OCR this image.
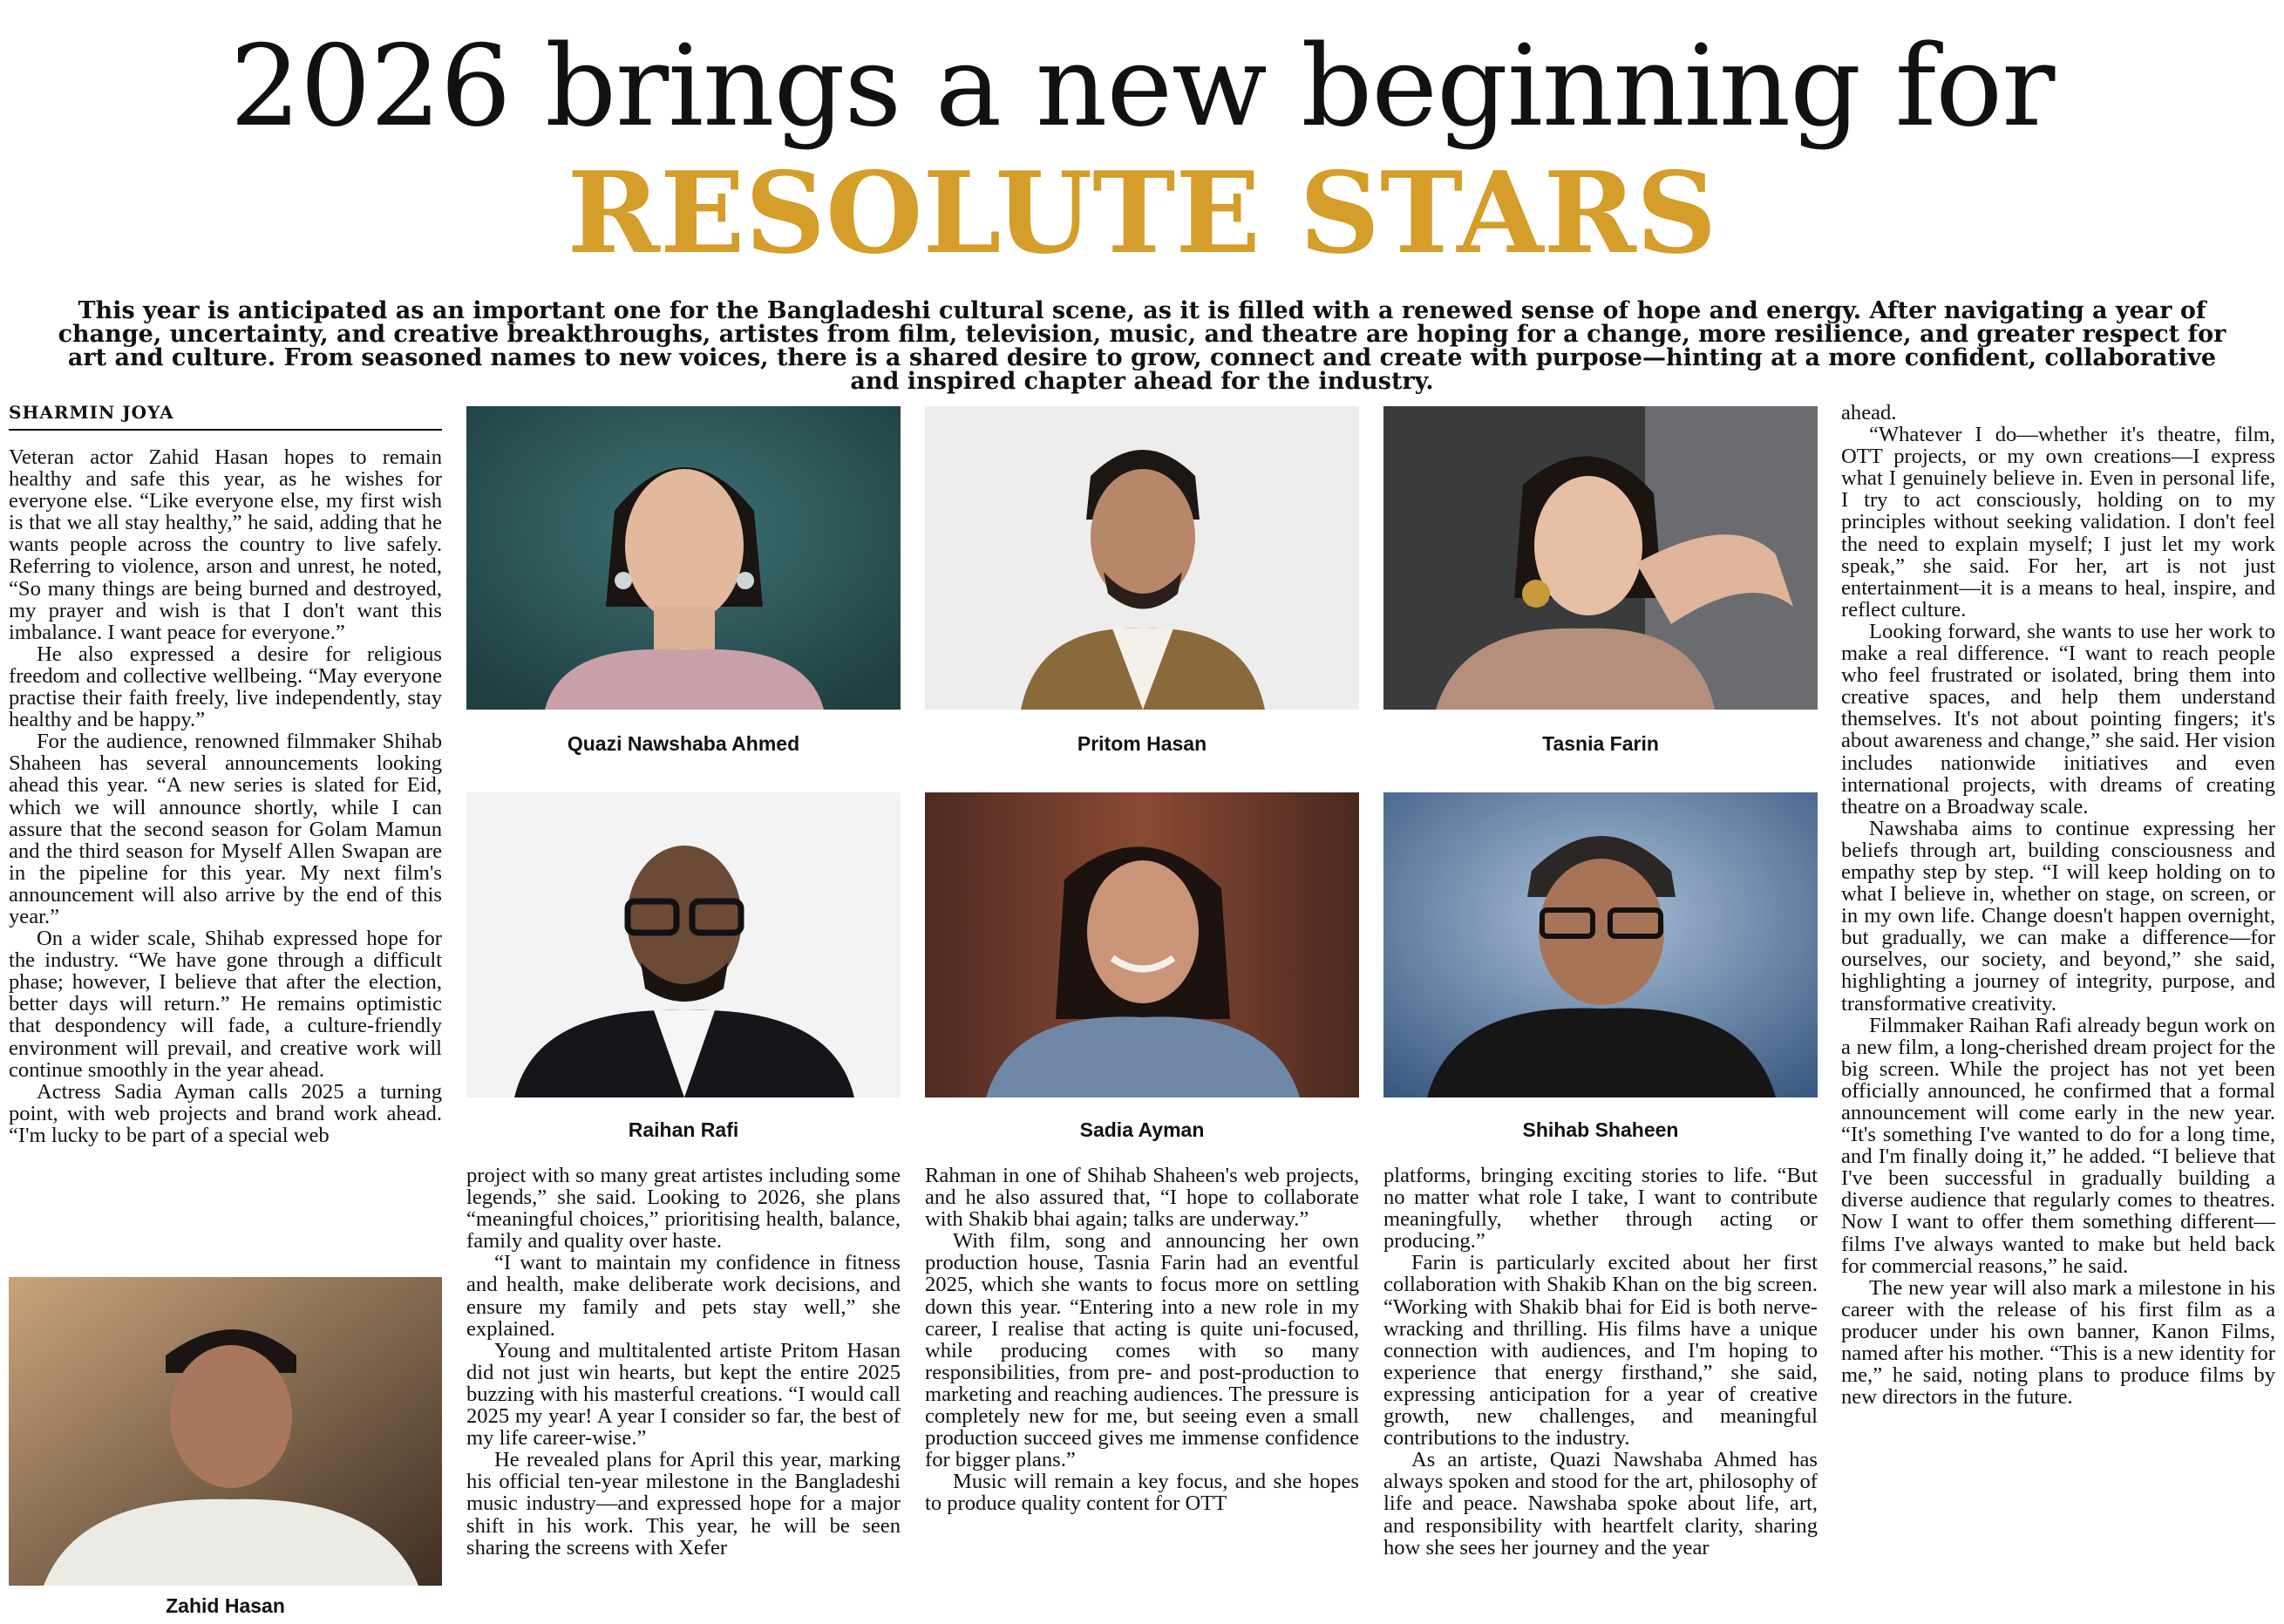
2026 brings a new beginning for
RESOLUTE STARS
This year is anticipated as an important one for the Bangladeshi cultural scene, as it is filled with a renewed sense of hope and energy. After navigating a year of change, uncertainty, and creative breakthroughs, artistes from film, television, music, and theatre are hoping for a change, more resilience, and greater respect for art and culture. From seasoned names to new voices, there is a shared desire to grow, connect and create with purpose—hinting at a more confident, collaborative and inspired chapter ahead for the industry.
SHARMIN JOYA
Quazi Nawshaba Ahmed	Pritom Hasan	Tasnia Farin
Raihan Rafi	Sadia Ayman	Shihab Shaheen
Zahid Hasan

Veteran actor Zahid Hasan hopes to remain healthy and safe this year, as he wishes for everyone else. “Like everyone else, my first wish is that we all stay healthy,” he said, adding that he wants people across the country to live safely. Referring to violence, arson and unrest, he noted, “So many things are being burned and destroyed, my prayer and wish is that I don't want this imbalance. I want peace for everyone.”

He also expressed a desire for religious freedom and collective wellbeing. “May everyone practise their faith freely, live independently, stay healthy and be happy.”

For the audience, renowned filmmaker Shihab Shaheen has several announcements looking ahead this year. “A new series is slated for Eid, which we will announce shortly, while I can assure that the second season for Golam Mamun and the third season for Myself Allen Swapan are in the pipeline for this year. My next film's announcement will also arrive by the end of this year.”

On a wider scale, Shihab expressed hope for the industry. “We have gone through a difficult phase; however, I believe that after the election, better days will return.” He remains optimistic that despondency will fade, a culture-friendly environment will prevail, and creative work will continue smoothly in the year ahead.

Actress Sadia Ayman calls 2025 a turning point, with web projects and brand work ahead. “I'm lucky to be part of a special web

project with so many great artistes including some legends,” she said. Looking to 2026, she plans “meaningful choices,” prioritising health, balance, family and quality over haste.

“I want to maintain my confidence in fitness and health, make deliberate work decisions, and ensure my family and pets stay well,” she explained.

Young and multitalented artiste Pritom Hasan did not just win hearts, but kept the entire 2025 buzzing with his masterful creations. “I would call 2025 my year! A year I consider so far, the best of my life career-wise.”

He revealed plans for April this year, marking his official ten-year milestone in the Bangladeshi music industry—and expressed hope for a major shift in his work. This year, he will be seen sharing the screens with Xefer

Rahman in one of Shihab Shaheen's web projects, and he also assured that, “I hope to collaborate with Shakib bhai again; talks are underway.”

With film, song and announcing her own production house, Tasnia Farin had an eventful 2025, which she wants to focus more on settling down this year. “Entering into a new role in my career, I realise that acting is quite uni-focused, while producing comes with so many responsibilities, from pre- and post-production to marketing and reaching audiences. The pressure is completely new for me, but seeing even a small production succeed gives me immense confidence for bigger plans.”

Music will remain a key focus, and she hopes to produce quality content for OTT

platforms, bringing exciting stories to life. “But no matter what role I take, I want to contribute meaningfully, whether through acting or producing.”

Farin is particularly excited about her first collaboration with Shakib Khan on the big screen. “Working with Shakib bhai for Eid is both nerve-wracking and thrilling. His films have a unique connection with audiences, and I'm hoping to experience that energy firsthand,” she said, expressing anticipation for a year of creative growth, new challenges, and meaningful contributions to the industry.

As an artiste, Quazi Nawshaba Ahmed has always spoken and stood for the art, philosophy of life and peace. Nawshaba spoke about life, art, and responsibility with heartfelt clarity, sharing how she sees her journey and the year

ahead.

“Whatever I do—whether it's theatre, film, OTT projects, or my own creations—I express what I genuinely believe in. Even in personal life, I try to act consciously, holding on to my principles without seeking validation. I don't feel the need to explain myself; I just let my work speak,” she said. For her, art is not just entertainment—it is a means to heal, inspire, and reflect culture.

Looking forward, she wants to use her work to make a real difference. “I want to reach people who feel frustrated or isolated, bring them into creative spaces, and help them understand themselves. It's not about pointing fingers; it's about awareness and change,” she said. Her vision includes nationwide initiatives and even international projects, with dreams of creating theatre on a Broadway scale.

Nawshaba aims to continue expressing her beliefs through art, building consciousness and empathy step by step. “I will keep holding on to what I believe in, whether on stage, on screen, or in my own life. Change doesn't happen overnight, but gradually, we can make a difference—for ourselves, our society, and beyond,” she said, highlighting a journey of integrity, purpose, and transformative creativity.

Filmmaker Raihan Rafi already begun work on a new film, a long-cherished dream project for the big screen. While the project has not yet been officially announced, he confirmed that a formal announcement will come early in the new year. “It's something I've wanted to do for a long time, and I'm finally doing it,” he added. “I believe that I've been successful in gradually building a diverse audience that regularly comes to theatres. Now I want to offer them something different—films I've always wanted to make but held back for commercial reasons,” he said.

The new year will also mark a milestone in his career with the release of his first film as a producer under his own banner, Kanon Films, named after his mother. “This is a new identity for me,” he said, noting plans to produce films by new directors in the future.
